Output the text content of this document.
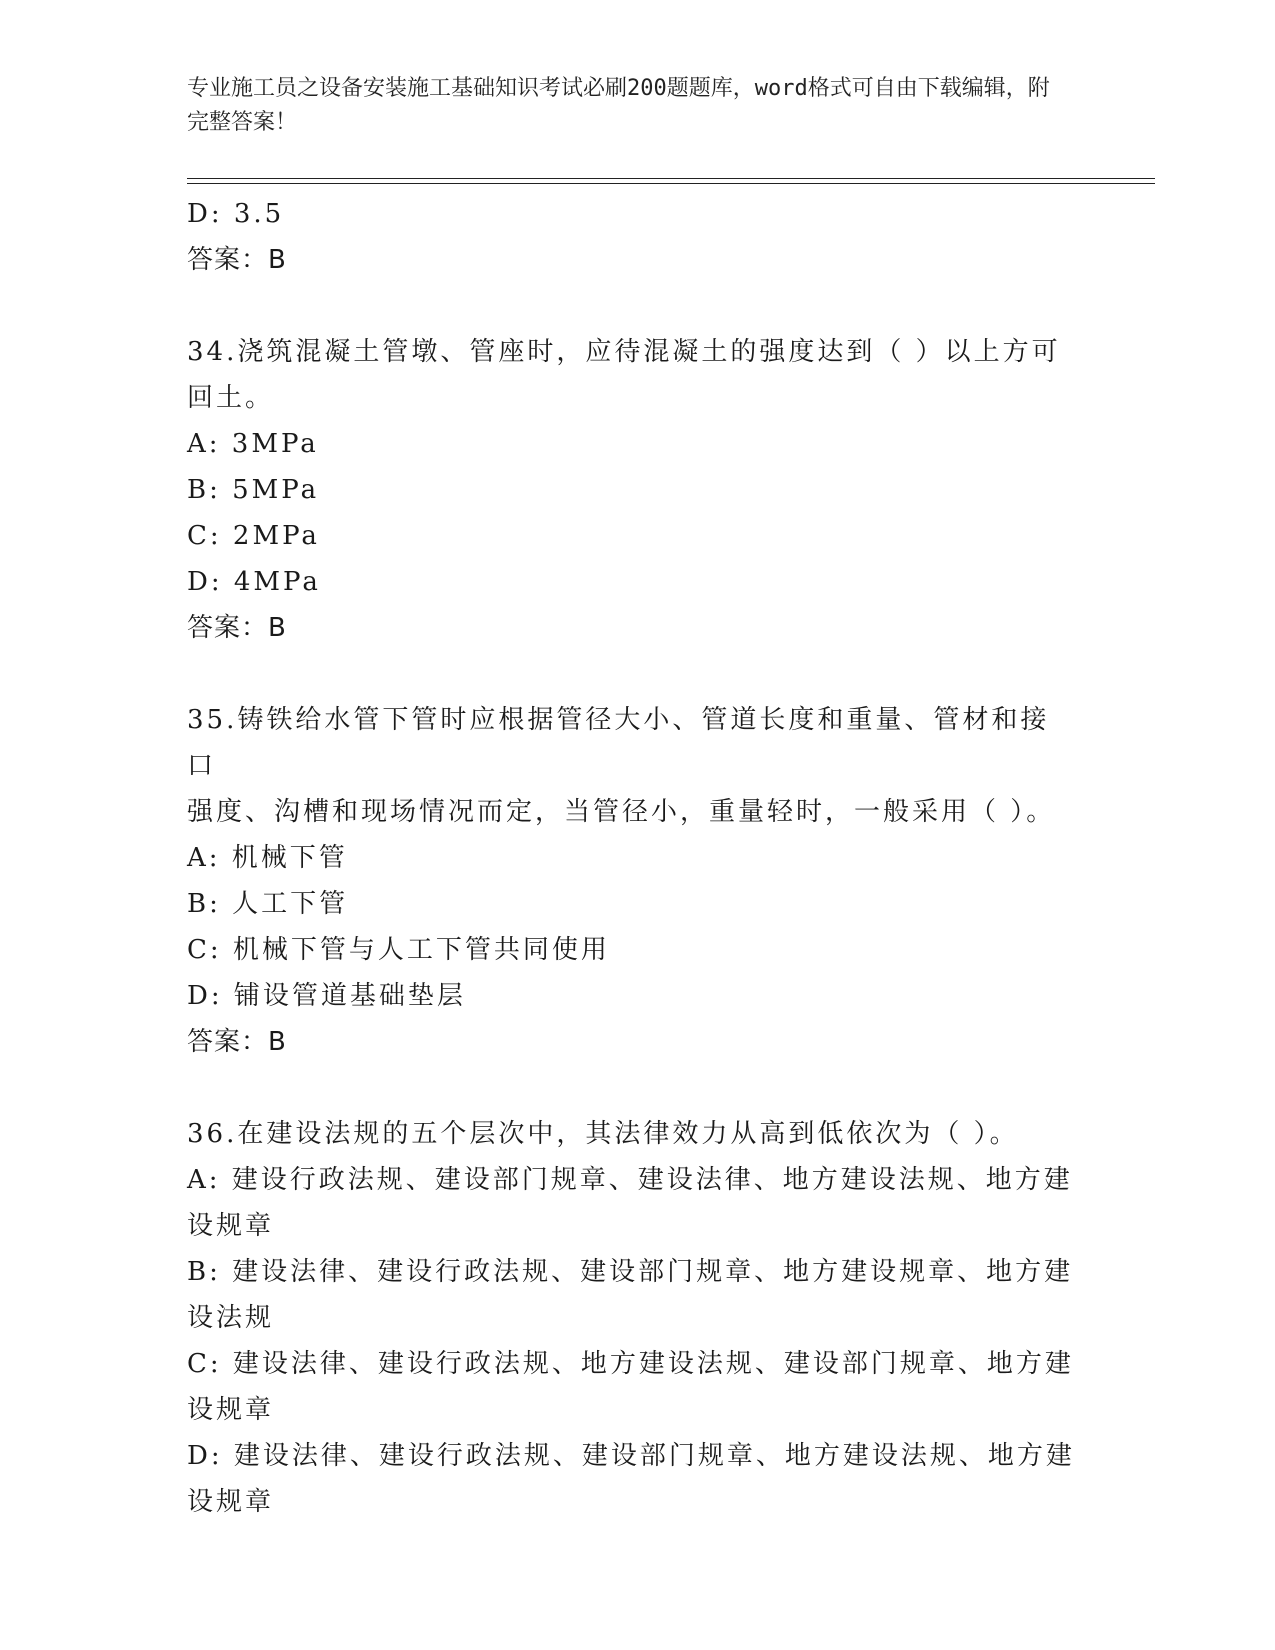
专业施工员之设备安装施工基础知识考试必刷200题题库，word格式可自由下载编辑，附完整答案！

D: 3.5

答案：B

34.浇筑混凝土管墩、管座时，应待混凝土的强度达到（ ）以上方可

回土。

A: 3MPa

B: 5MPa

C: 2MPa

D: 4MPa

答案：B

35.铸铁给水管下管时应根据管径大小、管道长度和重量、管材和接口

强度、沟槽和现场情况而定，当管径小，重量轻时，一般采用（ ）。

A: 机械下管

B: 人工下管

C: 机械下管与人工下管共同使用

D: 铺设管道基础垫层

答案：B

36.在建设法规的五个层次中，其法律效力从高到低依次为（ ）。

A: 建设行政法规、建设部门规章、建设法律、地方建设法规、地方建

设规章

B: 建设法律、建设行政法规、建设部门规章、地方建设规章、地方建

设法规

C: 建设法律、建设行政法规、地方建设法规、建设部门规章、地方建

设规章

D: 建设法律、建设行政法规、建设部门规章、地方建设法规、地方建

设规章
